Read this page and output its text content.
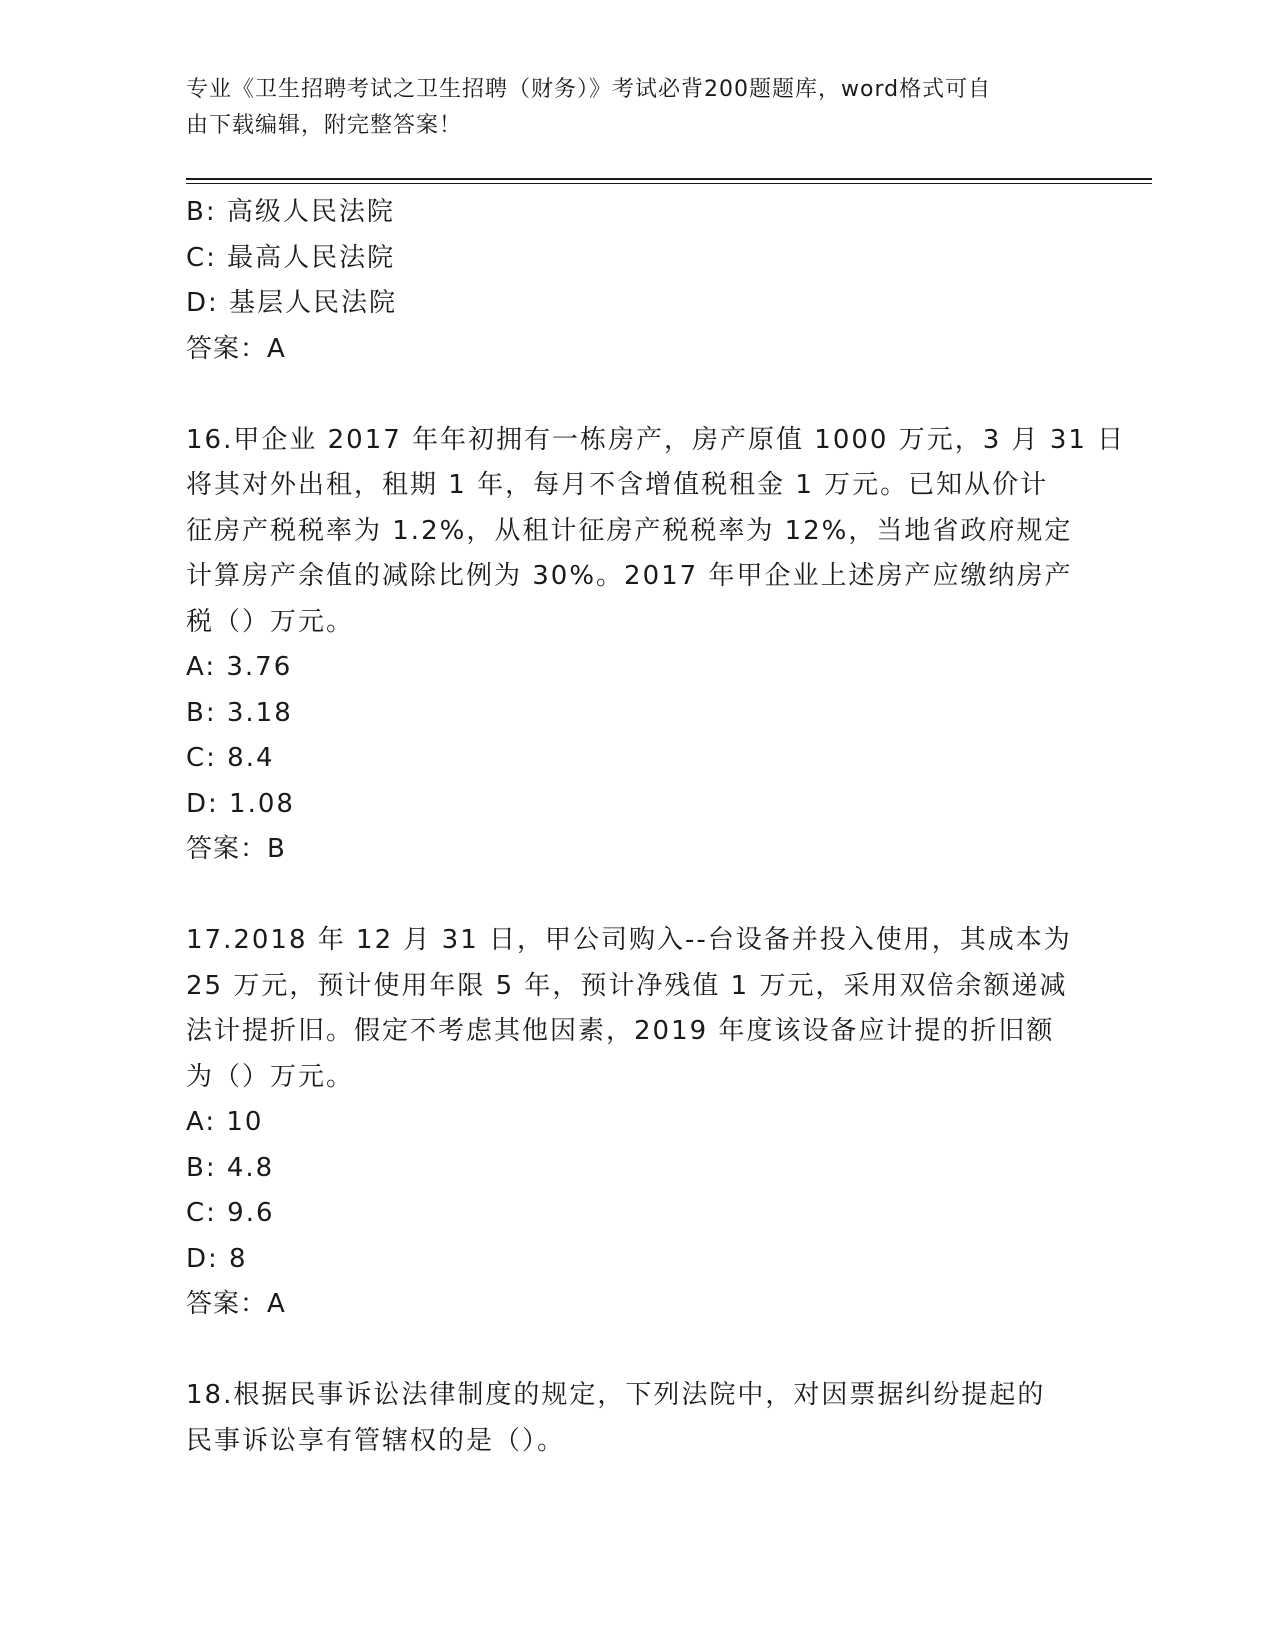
专业《卫生招聘考试之卫生招聘（财务）》考试必背200题题库，word格式可自
由下载编辑，附完整答案！
B: 高级人民法院
C: 最高人民法院
D: 基层人民法院
答案：A
16.甲企业 2017 年年初拥有一栋房产，房产原值 1000 万元，3 月 31 日
将其对外出租，租期 1 年，每月不含增值税租金 1 万元。已知从价计
征房产税税率为 1.2%，从租计征房产税税率为 12%，当地省政府规定
计算房产余值的减除比例为 30%。2017 年甲企业上述房产应缴纳房产
税（）万元。
A: 3.76
B: 3.18
C: 8.4
D: 1.08
答案：B
17.2018 年 12 月 31 日，甲公司购入--台设备并投入使用，其成本为
25 万元，预计使用年限 5 年，预计净残值 1 万元，采用双倍余额递减
法计提折旧。假定不考虑其他因素，2019 年度该设备应计提的折旧额
为（）万元。
A: 10
B: 4.8
C: 9.6
D: 8
答案：A
18.根据民事诉讼法律制度的规定，下列法院中，对因票据纠纷提起的
民事诉讼享有管辖权的是（）。
